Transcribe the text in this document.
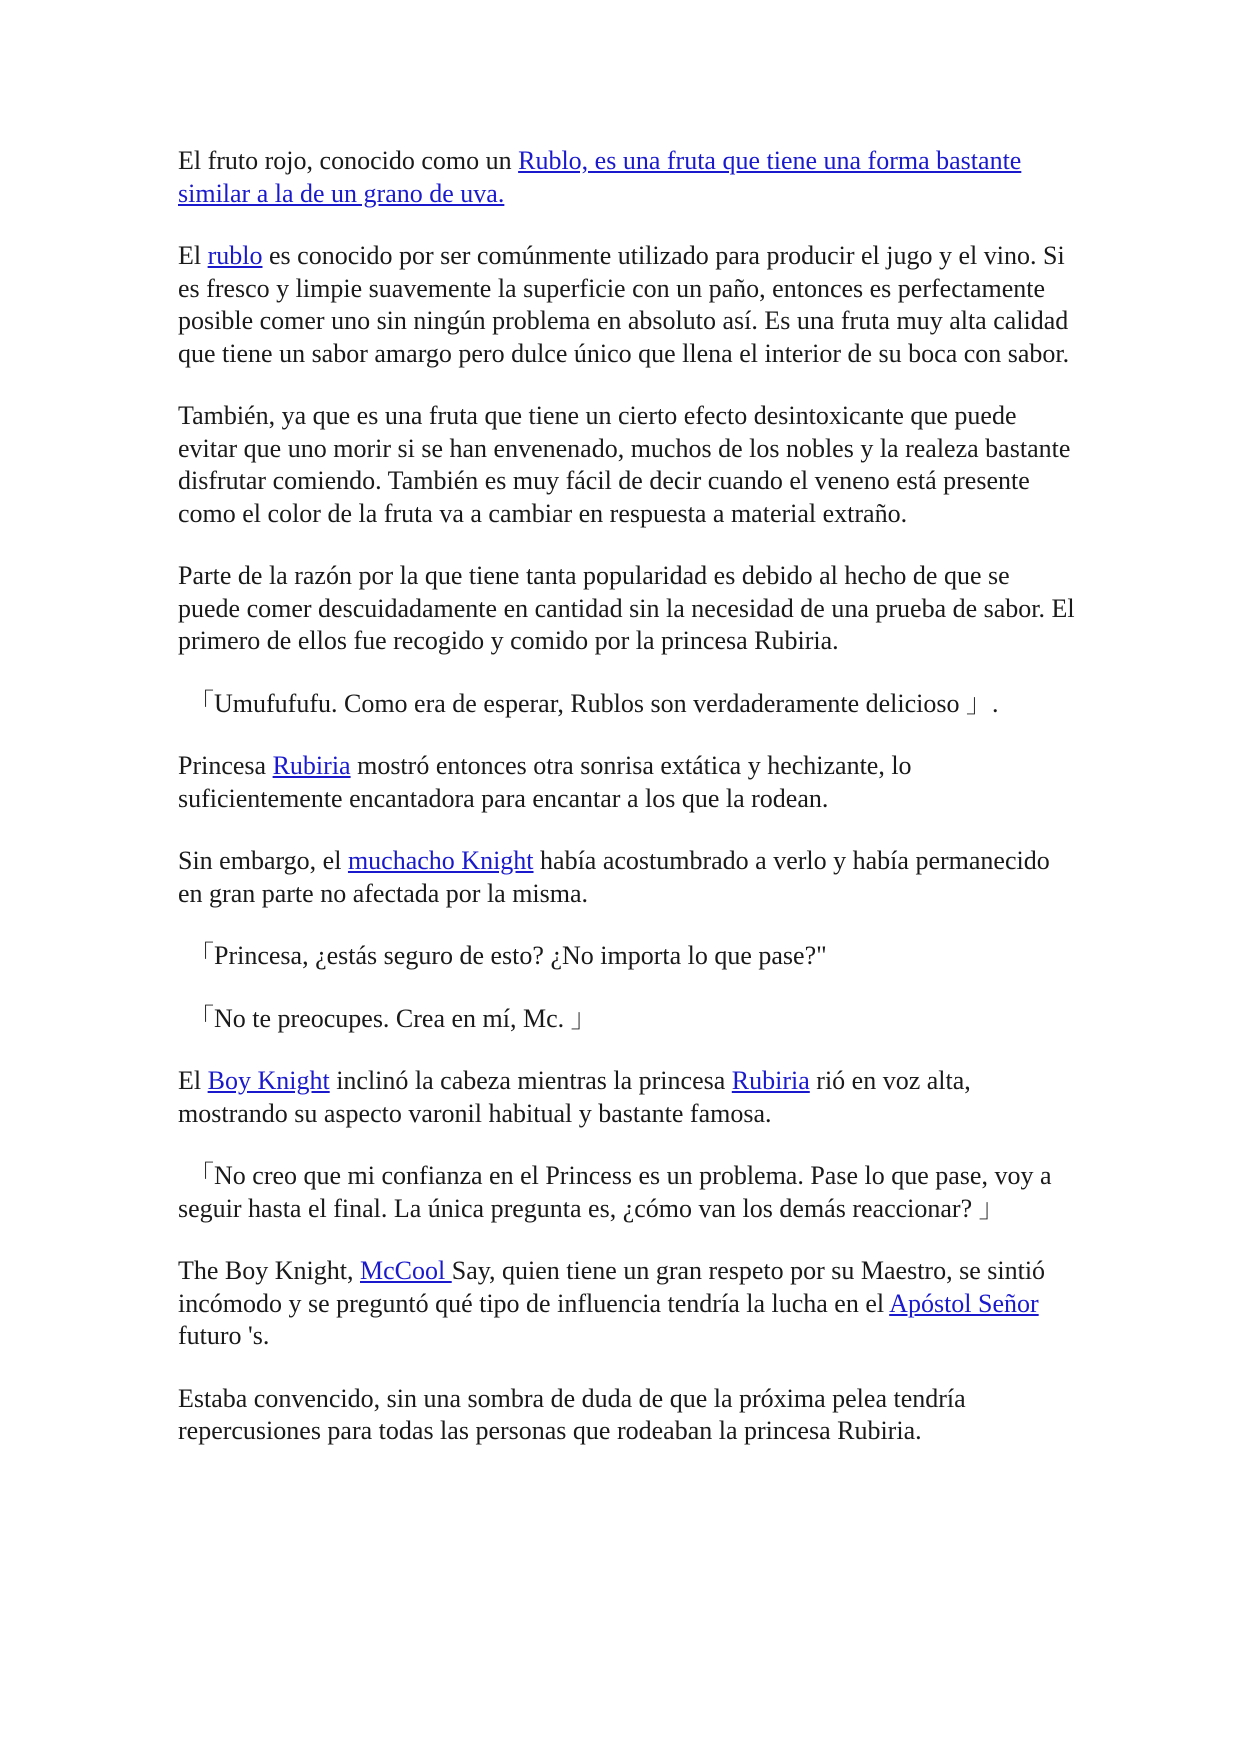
El fruto rojo, conocido como un Rublo, es una fruta que tiene una forma bastante similar a la de un grano de uva.

El rublo es conocido por ser comúnmente utilizado para producir el jugo y el vino. Si es fresco y limpie suavemente la superficie con un paño, entonces es perfectamente posible comer uno sin ningún problema en absoluto así. Es una fruta muy alta calidad que tiene un sabor amargo pero dulce único que llena el interior de su boca con sabor.

También, ya que es una fruta que tiene un cierto efecto desintoxicante que puede evitar que uno morir si se han envenenado, muchos de los nobles y la realeza bastante disfrutar comiendo. También es muy fácil de decir cuando el veneno está presente como el color de la fruta va a cambiar en respuesta a material extraño.

Parte de la razón por la que tiene tanta popularidad es debido al hecho de que se puede comer descuidadamente en cantidad sin la necesidad de una prueba de sabor. El primero de ellos fue recogido y comido por la princesa Rubiria.

「Umufufufu. Como era de esperar, Rublos son verdaderamente delicioso 」.

Princesa Rubiria mostró entonces otra sonrisa extática y hechizante, lo suficientemente encantadora para encantar a los que la rodean.

Sin embargo, el muchacho Knight había acostumbrado a verlo y había permanecido en gran parte no afectada por la misma.

「Princesa, ¿estás seguro de esto? ¿No importa lo que pase?"

「No te preocupes. Crea en mí, Mc. 」

El Boy Knight inclinó la cabeza mientras la princesa Rubiria rió en voz alta, mostrando su aspecto varonil habitual y bastante famosa.

「No creo que mi confianza en el Princess es un problema. Pase lo que pase, voy a seguir hasta el final. La única pregunta es, ¿cómo van los demás reaccionar? 」

The Boy Knight, McCool Say, quien tiene un gran respeto por su Maestro, se sintió incómodo y se preguntó qué tipo de influencia tendría la lucha en el Apóstol Señor futuro 's.

Estaba convencido, sin una sombra de duda de que la próxima pelea tendría repercusiones para todas las personas que rodeaban la princesa Rubiria.
